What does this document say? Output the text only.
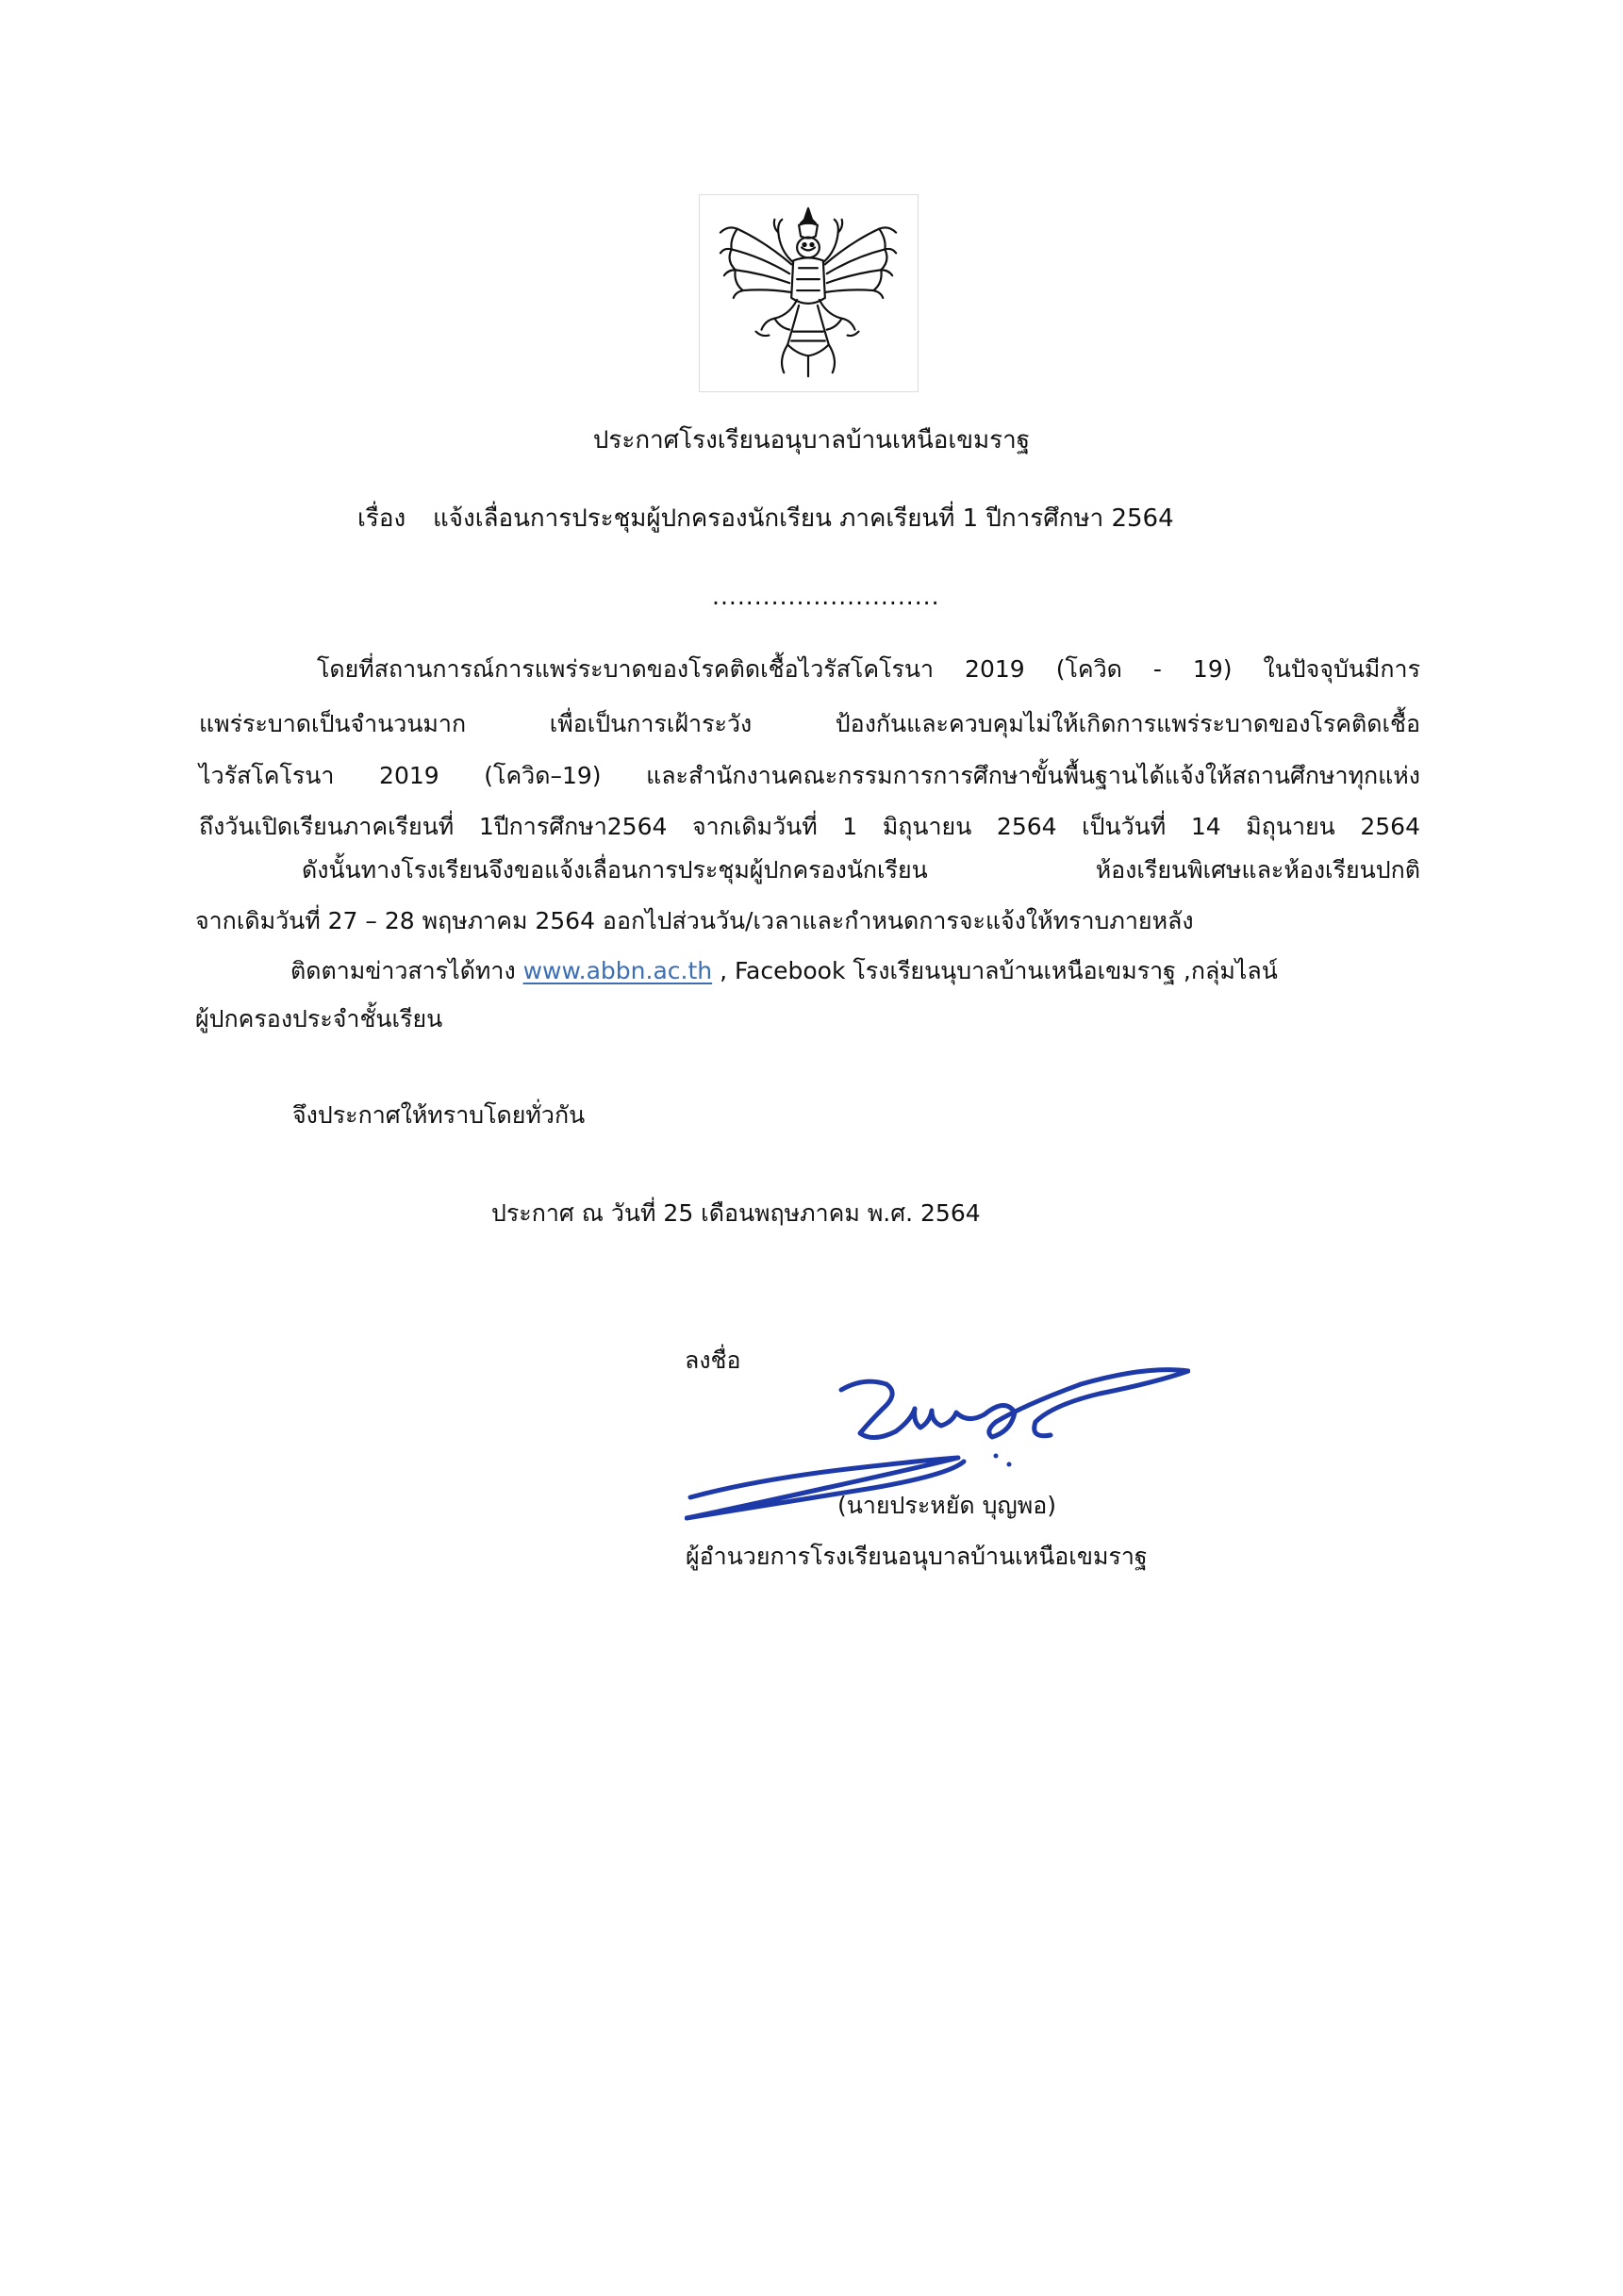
ประกาศโรงเรียนอนุบาลบ้านเหนือเขมราฐ
เรื่อง แจ้งเลื่อนการประชุมผู้ปกครองนักเรียน ภาคเรียนที่ 1 ปีการศึกษา 2564
...........................
โดยที่สถานการณ์การแพร่ระบาดของโรคติดเชื้อไวรัสโคโรนา 2019 (โควิด - 19) ในปัจจุบันมีการ
แพร่ระบาดเป็นจำนวนมาก เพื่อเป็นการเฝ้าระวัง ป้องกันและควบคุมไม่ให้เกิดการแพร่ระบาดของโรคติดเชื้อ
ไวรัสโคโรนา 2019 (โควิด–19) และสำนักงานคณะกรรมการการศึกษาขั้นพื้นฐานได้แจ้งให้สถานศึกษาทุกแห่ง
ถึงวันเปิดเรียนภาคเรียนที่ 1ปีการศึกษา2564 จากเดิมวันที่ 1 มิถุนายน 2564 เป็นวันที่ 14 มิถุนายน 2564
ดังนั้นทางโรงเรียนจึงขอแจ้งเลื่อนการประชุมผู้ปกครองนักเรียน ห้องเรียนพิเศษและห้องเรียนปกติ
จากเดิมวันที่ 27 – 28 พฤษภาคม 2564 ออกไปส่วนวัน/เวลาและกำหนดการจะแจ้งให้ทราบภายหลัง
ติดตามข่าวสารได้ทาง www.abbn.ac.th , Facebook โรงเรียนนุบาลบ้านเหนือเขมราฐ ,กลุ่มไลน์
ผู้ปกครองประจำชั้นเรียน
จึงประกาศให้ทราบโดยทั่วกัน
ประกาศ ณ วันที่ 25 เดือนพฤษภาคม พ.ศ. 2564
ลงชื่อ
(นายประหยัด บุญพอ)
ผู้อำนวยการโรงเรียนอนุบาลบ้านเหนือเขมราฐ
